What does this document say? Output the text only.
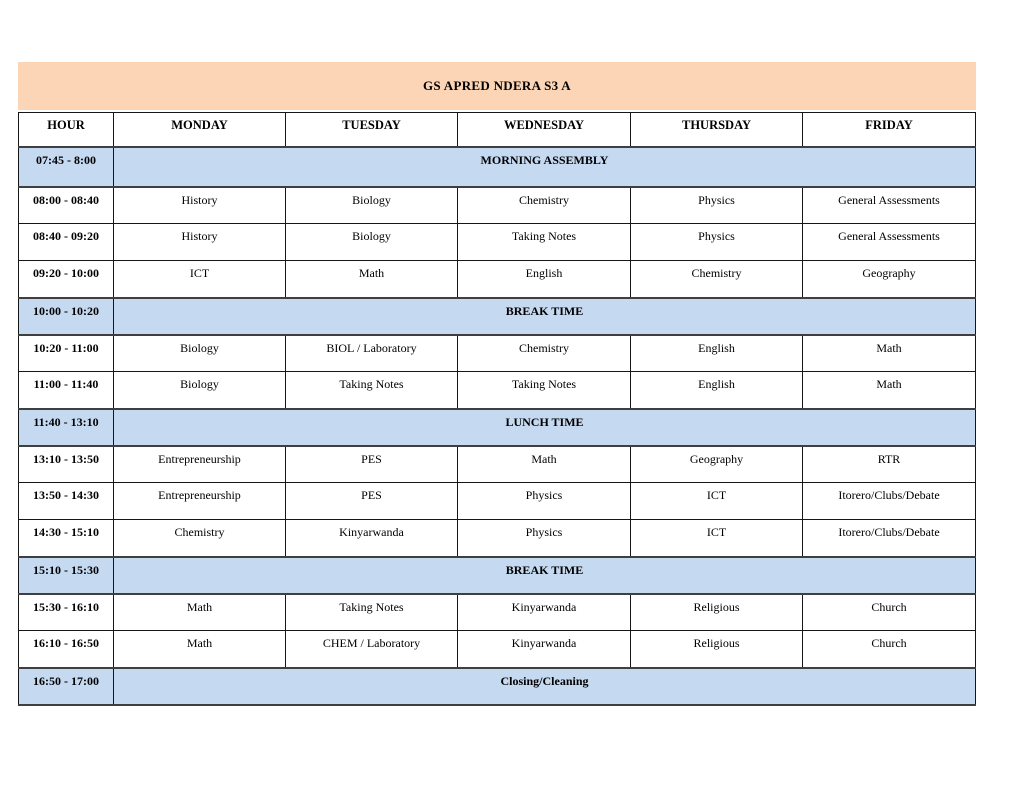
GS APRED NDERA S3 A
HOUR	MONDAY	TUESDAY	WEDNESDAY	THURSDAY	FRIDAY
07:45 - 8:00	MORNING ASSEMBLY				
08:00 - 08:40	History	Biology	Chemistry	Physics	General Assessments
08:40 - 09:20	History	Biology	Taking Notes	Physics	General Assessments
09:20 - 10:00	ICT	Math	English	Chemistry	Geography
10:00 - 10:20	BREAK TIME				
10:20 - 11:00	Biology	BIOL / Laboratory	Chemistry	English	Math
11:00 - 11:40	Biology	Taking Notes	Taking Notes	English	Math
11:40 - 13:10	LUNCH TIME				
13:10 - 13:50	Entrepreneurship	PES	Math	Geography	RTR
13:50 - 14:30	Entrepreneurship	PES	Physics	ICT	Itorero/Clubs/Debate
14:30 - 15:10	Chemistry	Kinyarwanda	Physics	ICT	Itorero/Clubs/Debate
15:10 - 15:30	BREAK TIME				
15:30 - 16:10	Math	Taking Notes	Kinyarwanda	Religious	Church
16:10 - 16:50	Math	CHEM / Laboratory	Kinyarwanda	Religious	Church
16:50 - 17:00	Closing/Cleaning				
